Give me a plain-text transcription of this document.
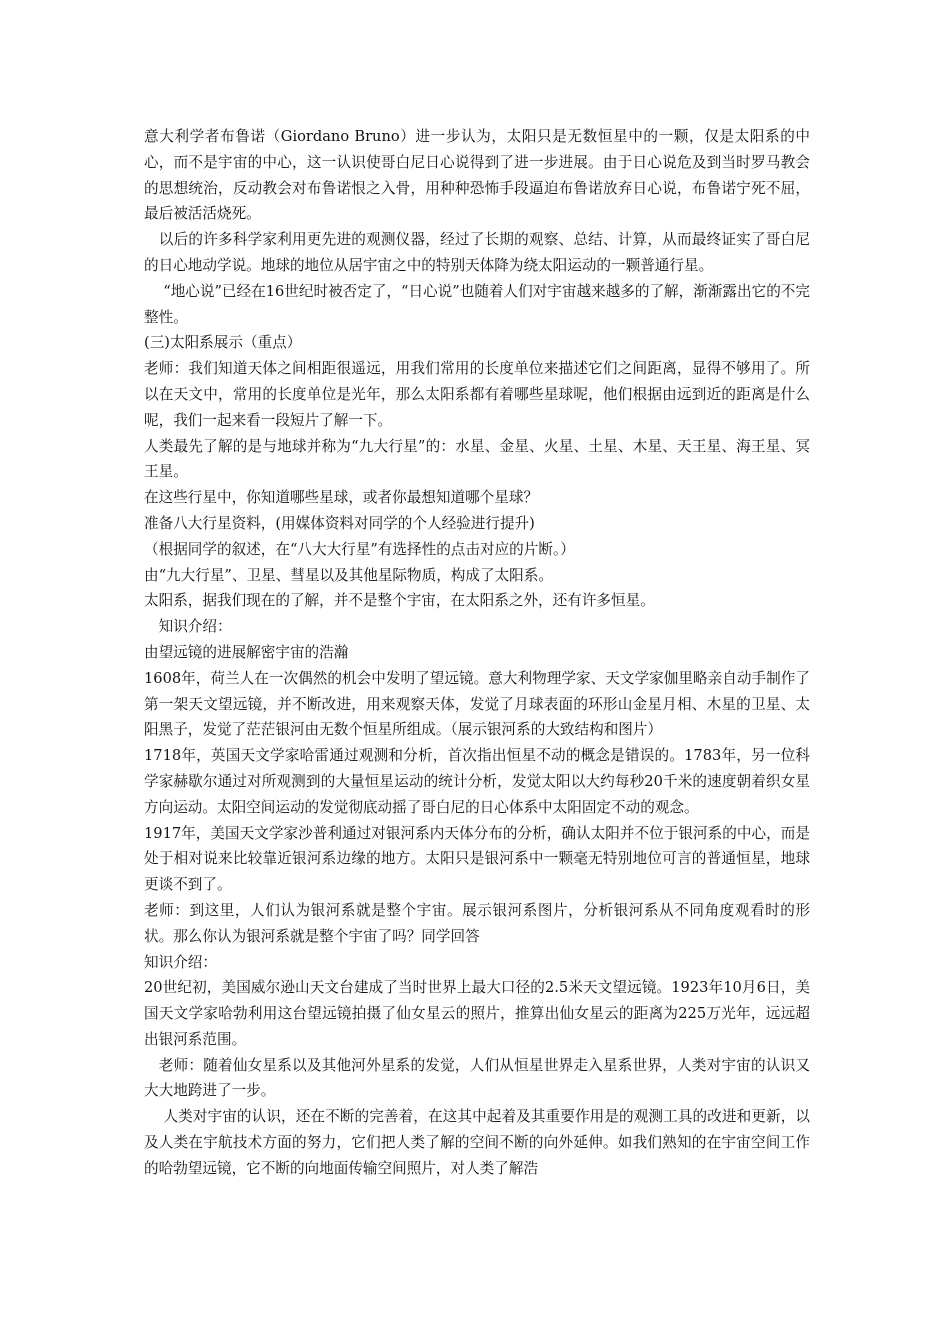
意大利学者布鲁诺（Giordano Bruno）进一步认为，太阳只是无数恒星中的一颗，仅是太阳系的中心，而不是宇宙的中心，这一认识使哥白尼日心说得到了进一步进展。由于日心说危及到当时罗马教会的思想统治，反动教会对布鲁诺恨之入骨，用种种恐怖手段逼迫布鲁诺放弃日心说，布鲁诺宁死不屈，最后被活活烧死。

　以后的许多科学家利用更先进的观测仪器，经过了长期的观察、总结、计算，从而最终证实了哥白尼的日心地动学说。地球的地位从居宇宙之中的特别天体降为绕太阳运动的一颗普通行星。

　 “地心说”已经在16世纪时被否定了，“日心说”也随着人们对宇宙越来越多的了解，渐渐露出它的不完整性。

(三)太阳系展示（重点）

老师：我们知道天体之间相距很遥远，用我们常用的长度单位来描述它们之间距离，显得不够用了。所以在天文中，常用的长度单位是光年，那么太阳系都有着哪些星球呢，他们根据由远到近的距离是什么呢，我们一起来看一段短片了解一下。

人类最先了解的是与地球并称为“九大行星”的：水星、金星、火星、土星、木星、天王星、海王星、冥王星。

在这些行星中，你知道哪些星球，或者你最想知道哪个星球？

准备八大行星资料，(用媒体资料对同学的个人经验进行提升)

（根据同学的叙述，在“八大大行星”有选择性的点击对应的片断。）

由“九大行星”、卫星、彗星以及其他星际物质，构成了太阳系。

太阳系，据我们现在的了解，并不是整个宇宙，在太阳系之外，还有许多恒星。

　知识介绍：

由望远镜的进展解密宇宙的浩瀚

1608年，荷兰人在一次偶然的机会中发明了望远镜。意大利物理学家、天文学家伽里略亲自动手制作了第一架天文望远镜，并不断改进，用来观察天体，发觉了月球表面的环形山金星月相、木星的卫星、太阳黑子，发觉了茫茫银河由无数个恒星所组成。（展示银河系的大致结构和图片）

1718年，英国天文学家哈雷通过观测和分析，首次指出恒星不动的概念是错误的。1783年，另一位科学家赫歇尔通过对所观测到的大量恒星运动的统计分析，发觉太阳以大约每秒20千米的速度朝着织女星方向运动。太阳空间运动的发觉彻底动摇了哥白尼的日心体系中太阳固定不动的观念。

1917年，美国天文学家沙普利通过对银河系内天体分布的分析，确认太阳并不位于银河系的中心，而是处于相对说来比较靠近银河系边缘的地方。太阳只是银河系中一颗毫无特别地位可言的普通恒星，地球更谈不到了。

老师：到这里，人们认为银河系就是整个宇宙。展示银河系图片，分析银河系从不同角度观看时的形状。那么你认为银河系就是整个宇宙了吗？同学回答

知识介绍：

20世纪初，美国威尔逊山天文台建成了当时世界上最大口径的2.5米天文望远镜。1923年10月6日，美国天文学家哈勃利用这台望远镜拍摄了仙女星云的照片，推算出仙女星云的距离为225万光年，远远超出银河系范围。

　老师：随着仙女星系以及其他河外星系的发觉，人们从恒星世界走入星系世界，人类对宇宙的认识又大大地跨进了一步。

　 人类对宇宙的认识，还在不断的完善着，在这其中起着及其重要作用是的观测工具的改进和更新，以及人类在宇航技术方面的努力，它们把人类了解的空间不断的向外延伸。如我们熟知的在宇宙空间工作的哈勃望远镜，它不断的向地面传输空间照片，对人类了解浩
